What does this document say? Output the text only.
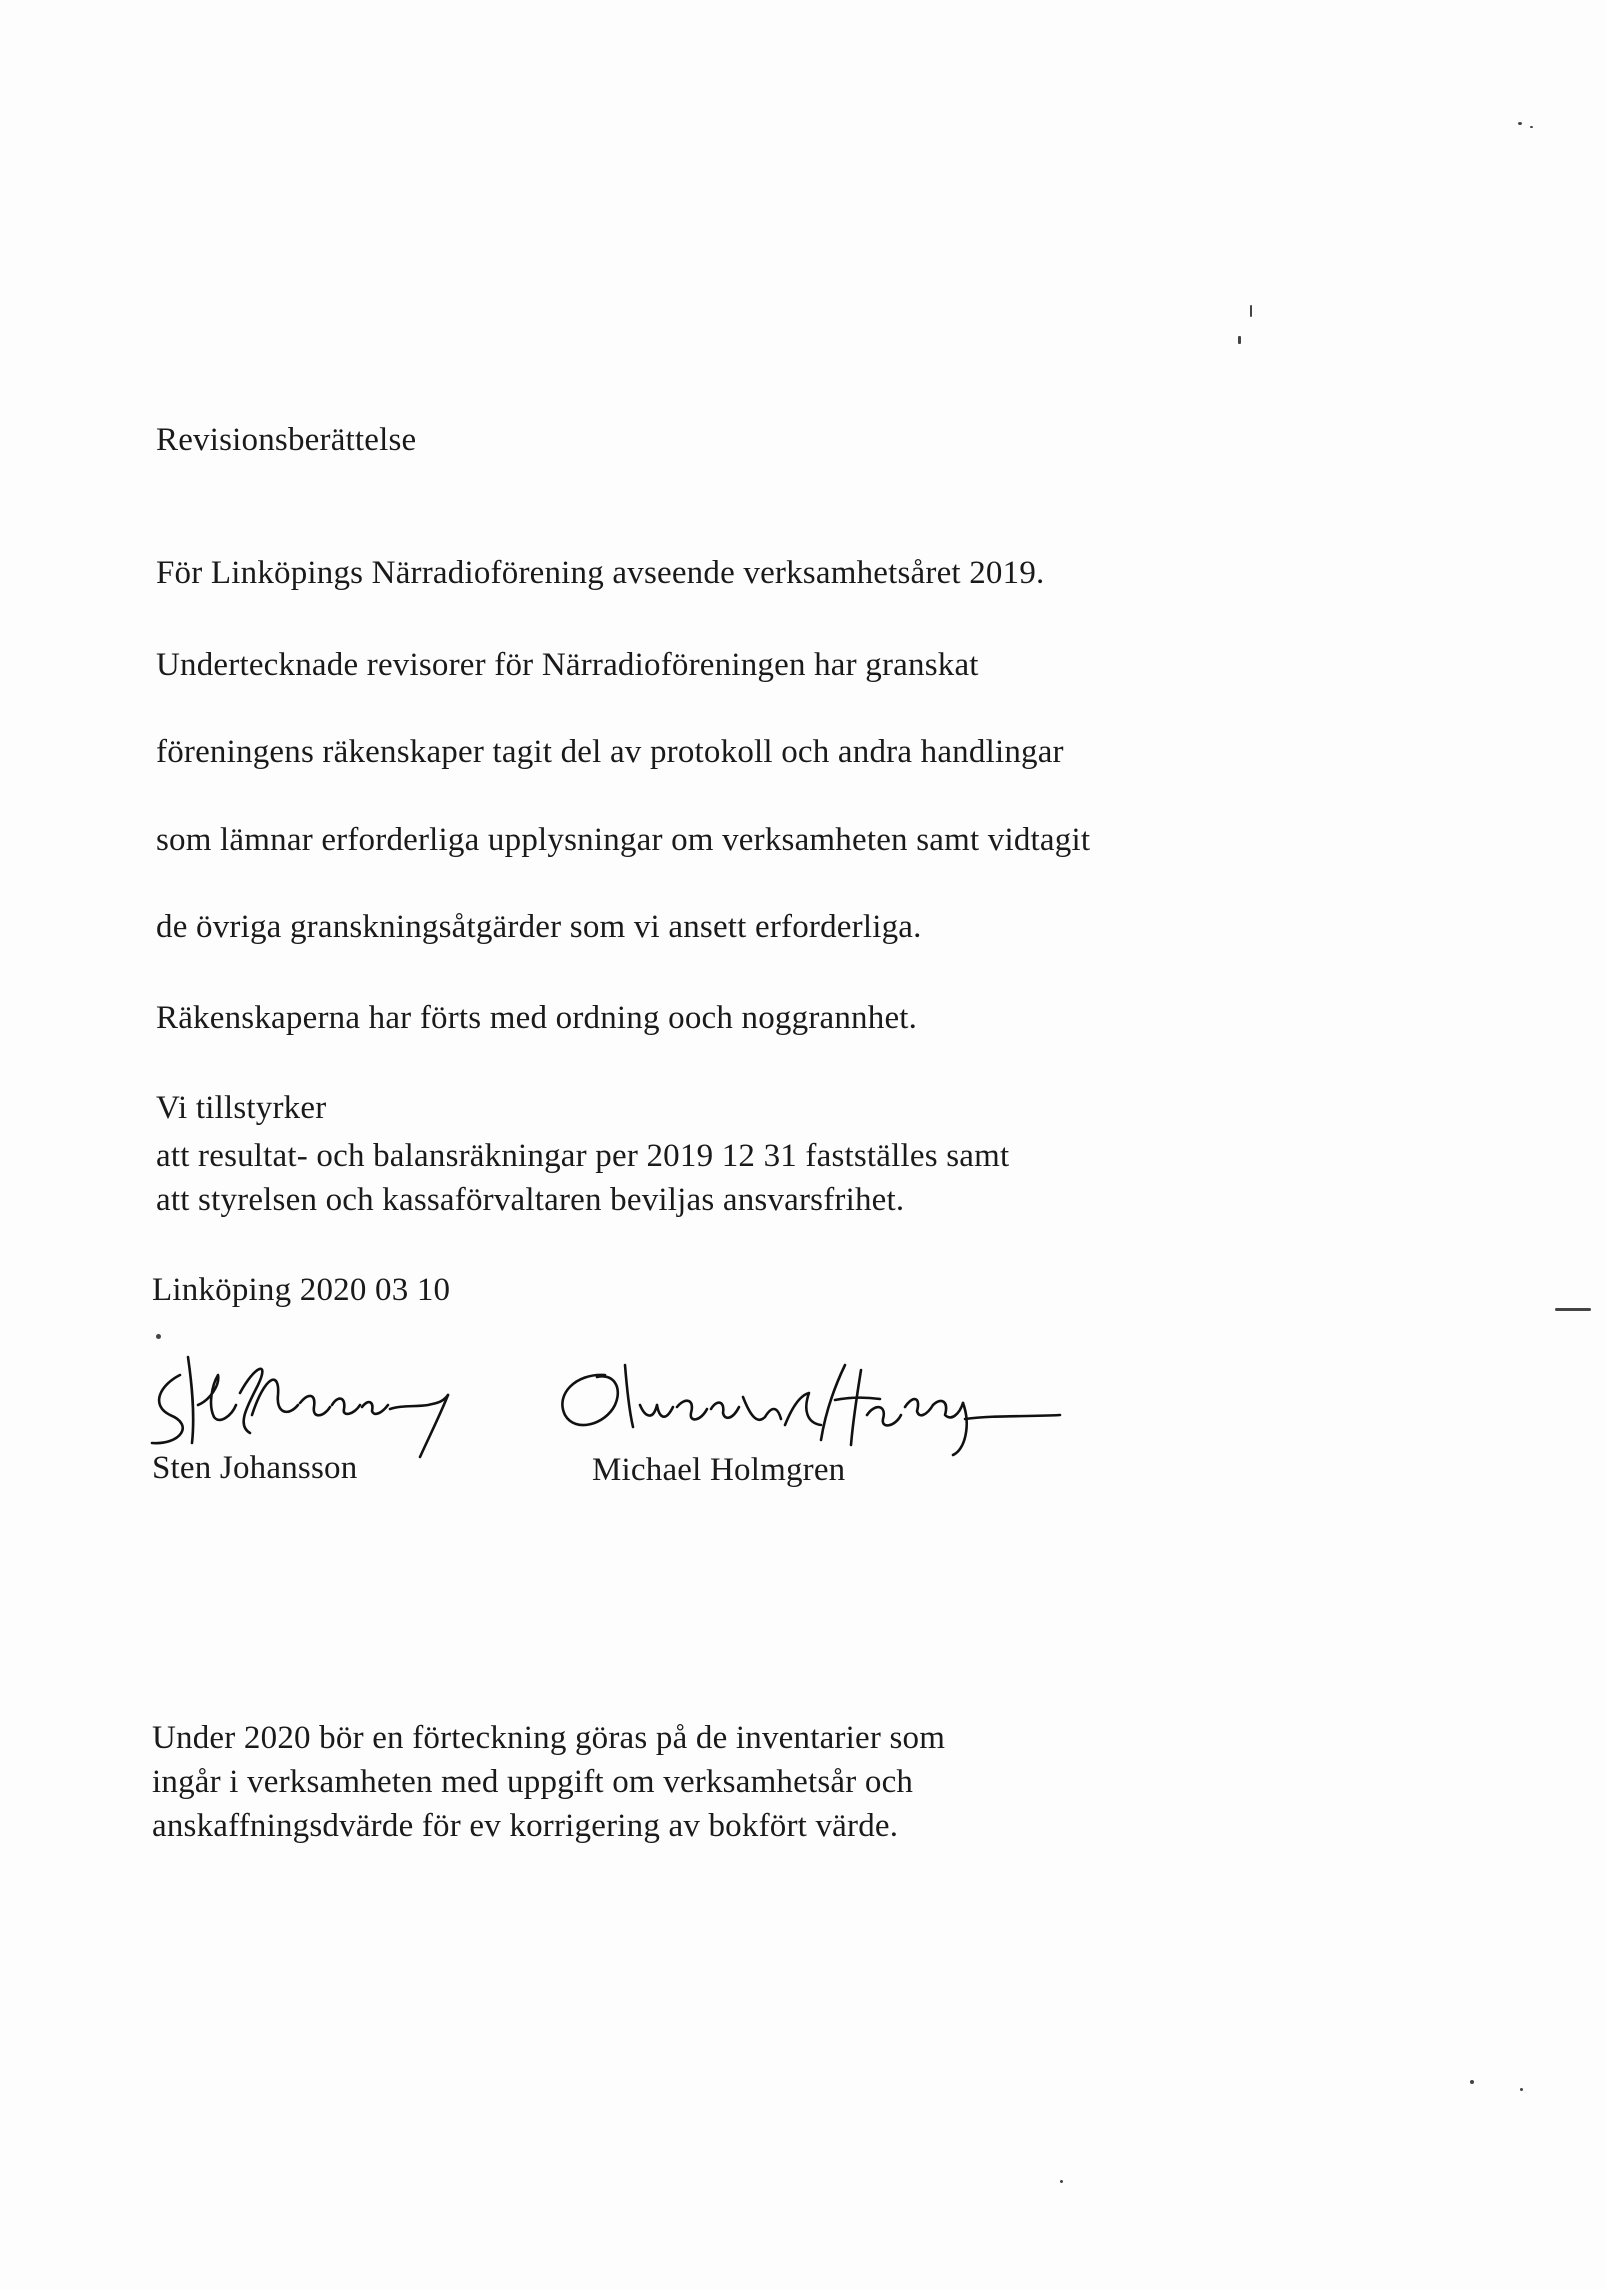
Revisionsberättelse
För Linköpings Närradioförening avseende verksamhetsåret 2019.
Undertecknade revisorer för Närradioföreningen har granskat
föreningens räkenskaper tagit del av protokoll och andra handlingar
som lämnar erforderliga upplysningar om verksamheten samt vidtagit
de övriga granskningsåtgärder som vi ansett erforderliga.
Räkenskaperna har förts med ordning ooch noggrannhet.
Vi tillstyrker
att resultat- och balansräkningar per 2019 12 31 fastställes samt
att styrelsen och kassaförvaltaren beviljas ansvarsfrihet.
Linköping 2020 03 10
Sten Johansson	Michael Holmgren
Under 2020 bör en förteckning göras på de inventarier som
ingår i verksamheten med uppgift om verksamhetsår och
anskaffningsdvärde för ev korrigering av bokfört värde.
